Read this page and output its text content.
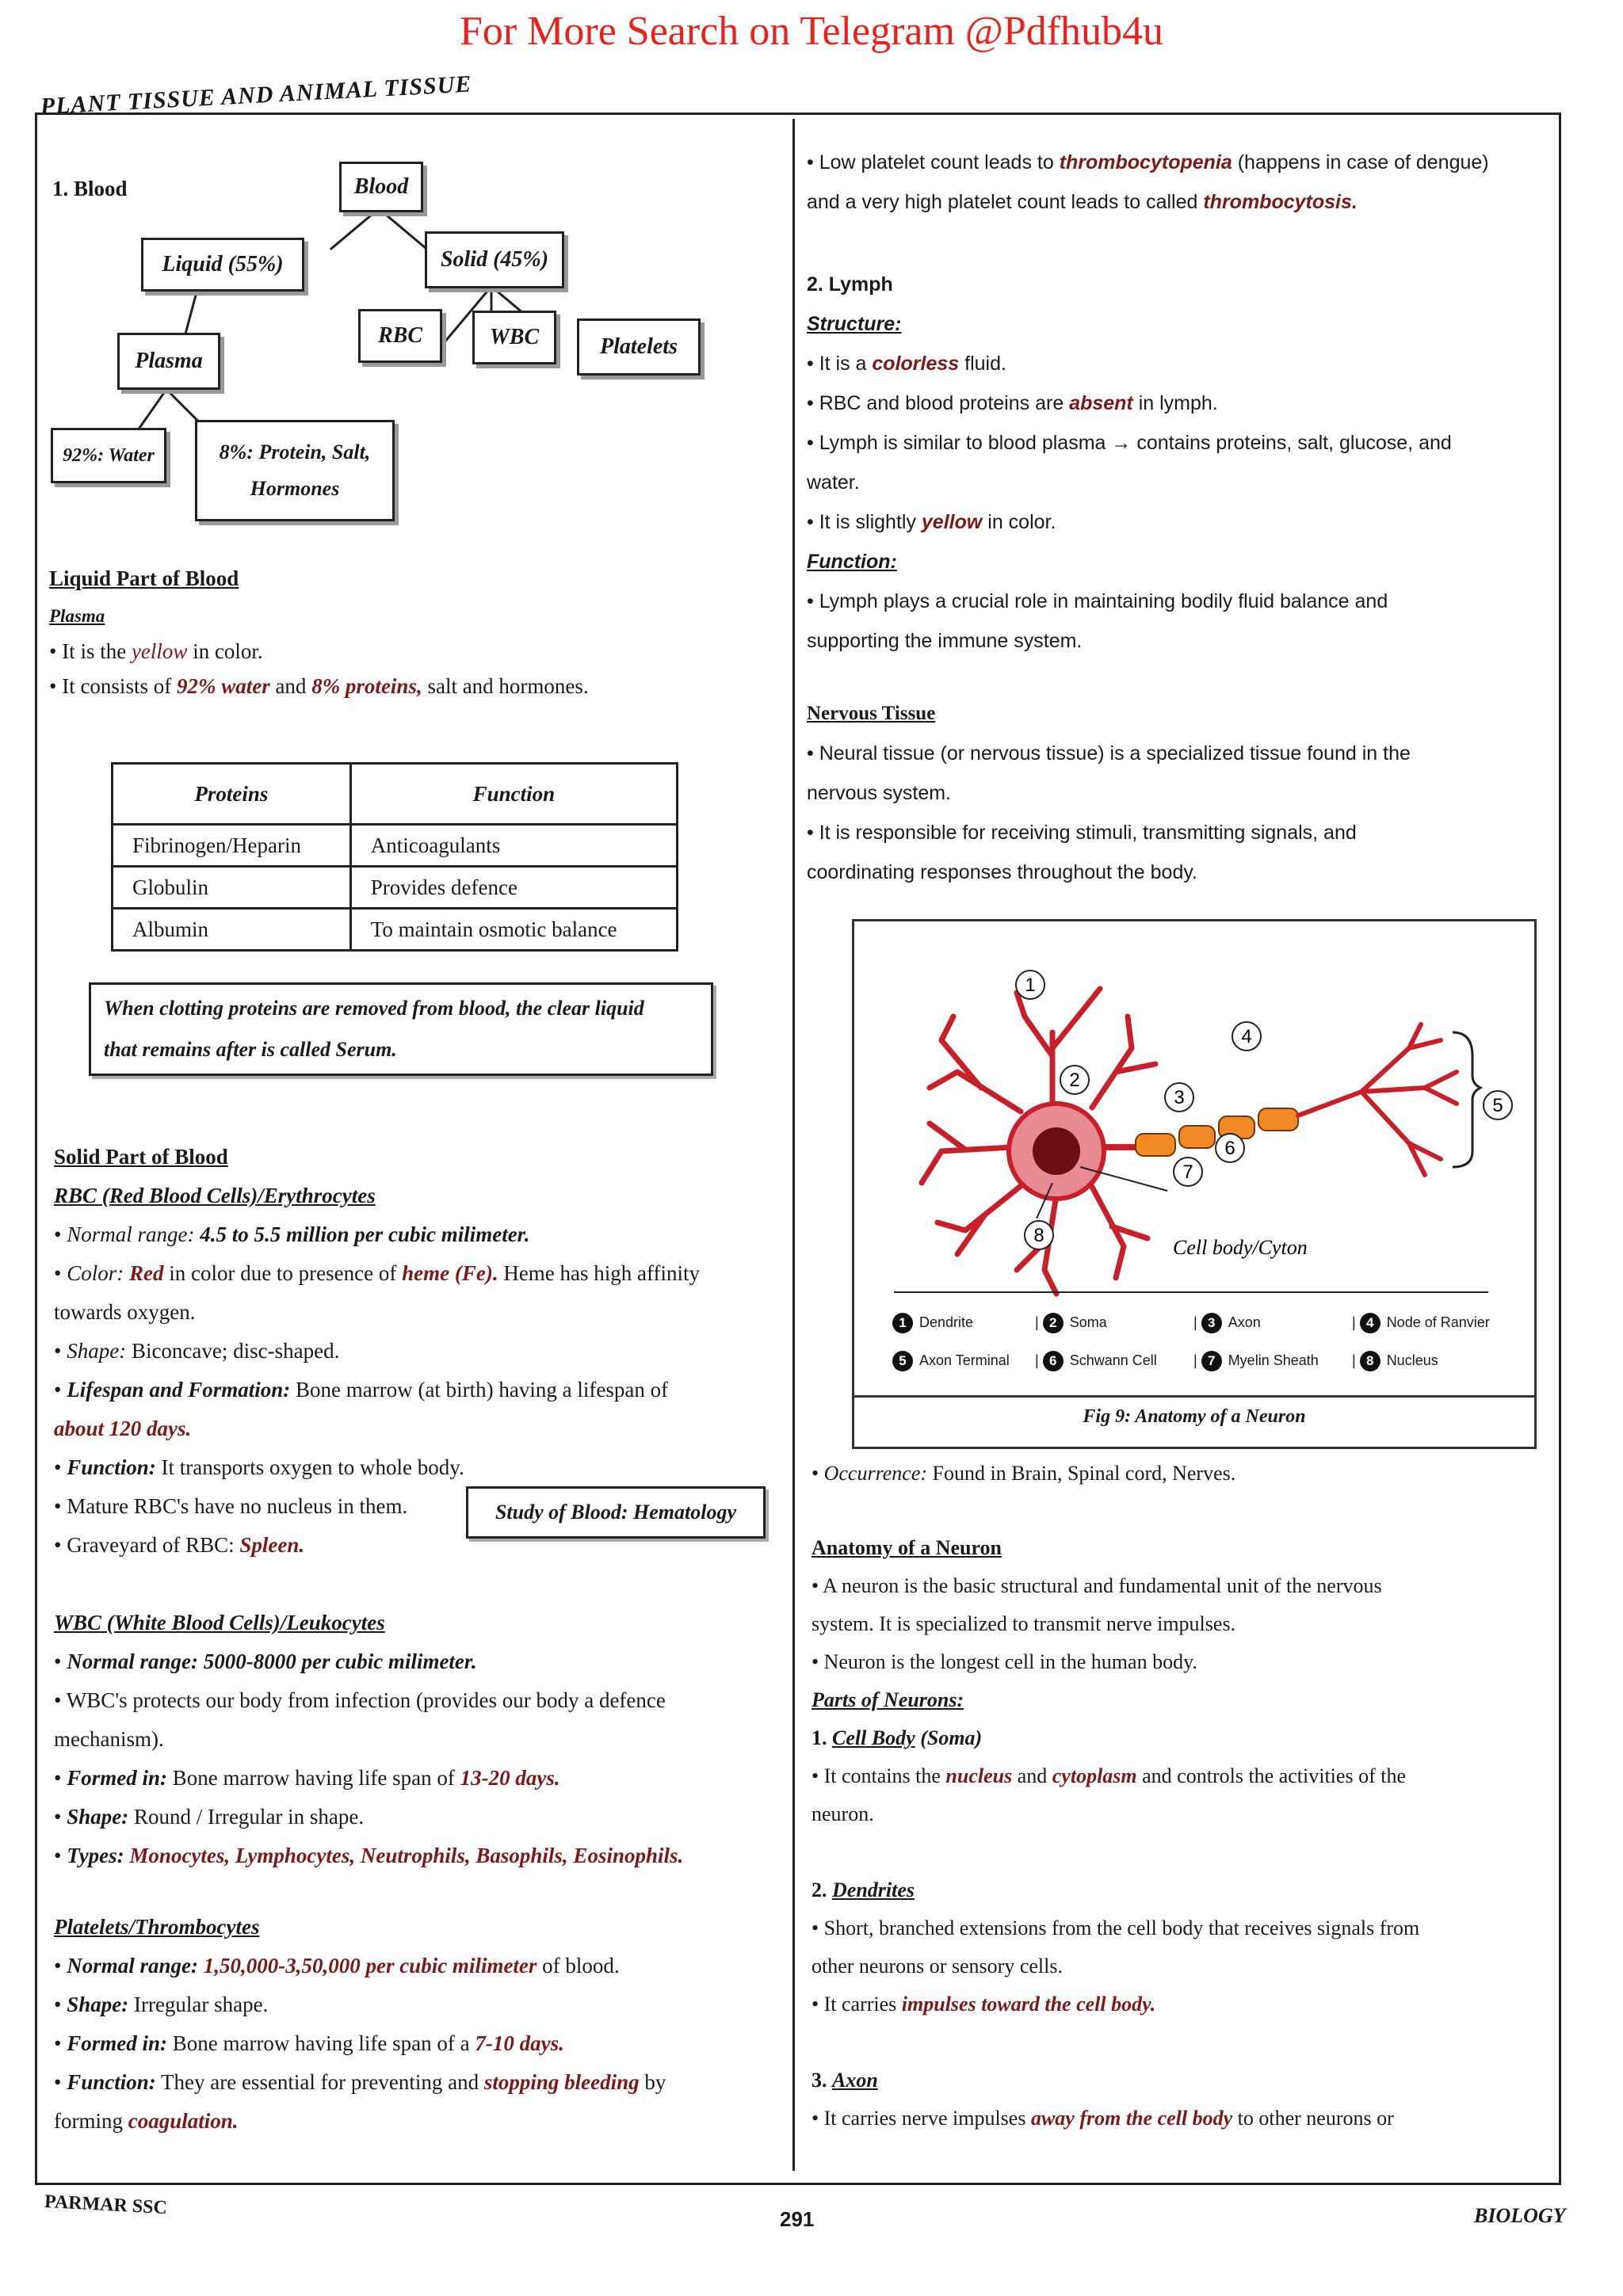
For More Search on Telegram @Pdfhub4u
PLANT TISSUE AND ANIMAL TISSUE
1. Blood	Blood
Liquid (55%)	Solid (45%)
Plasma
RBC	WBC	Platelets
92%: Water	8%: Protein, Salt,
Hormones
Liquid Part of Blood
Plasma
• It is the yellow in color.
• It consists of 92% water and 8% proteins, salt and hormones.
Proteins	Function
Fibrinogen/Heparin	Anticoagulants
Globulin	Provides defence
Albumin	To maintain osmotic balance
When clotting proteins are removed from blood, the clear liquid
that remains after is called Serum.
Solid Part of Blood
RBC (Red Blood Cells)/Erythrocytes
• Normal range: 4.5 to 5.5 million per cubic milimeter.
• Color: Red in color due to presence of heme (Fe). Heme has high affinity
towards oxygen.
• Shape: Biconcave; disc-shaped.
• Lifespan and Formation: Bone marrow (at birth) having a lifespan of
about 120 days.
• Function: It transports oxygen to whole body.
• Mature RBC's have no nucleus in them.
• Graveyard of RBC: Spleen.
Study of Blood: Hematology
WBC (White Blood Cells)/Leukocytes
• Normal range: 5000-8000 per cubic milimeter.
• WBC's protects our body from infection (provides our body a defence
mechanism).
• Formed in: Bone marrow having life span of 13-20 days.
• Shape: Round / Irregular in shape.
• Types: Monocytes, Lymphocytes, Neutrophils, Basophils, Eosinophils.
Platelets/Thrombocytes
• Normal range: 1,50,000-3,50,000 per cubic milimeter of blood.
• Shape: Irregular shape.
• Formed in: Bone marrow having life span of a 7-10 days.
• Function: They are essential for preventing and stopping bleeding by
forming coagulation.
• Low platelet count leads to thrombocytopenia (happens in case of dengue)
and a very high platelet count leads to called thrombocytosis.
2. Lymph
Structure:
• It is a colorless fluid.
• RBC and blood proteins are absent in lymph.
• Lymph is similar to blood plasma → contains proteins, salt, glucose, and
water.
• It is slightly yellow in color.
Function:
• Lymph plays a crucial role in maintaining bodily fluid balance and
supporting the immune system.
Nervous Tissue
• Neural tissue (or nervous tissue) is a specialized tissue found in the
nervous system.
• It is responsible for receiving stimuli, transmitting signals, and
coordinating responses throughout the body.
1
2
3
4
5
6
7
8
Cell body/Cyton
1 Dendrite	| 2 Soma	| 3 Axon	| 4 Node of Ranvier
5 Axon Terminal	| 6 Schwann Cell	| 7 Myelin Sheath	| 8 Nucleus
Fig 9: Anatomy of a Neuron
• Occurrence: Found in Brain, Spinal cord, Nerves.
Anatomy of a Neuron
• A neuron is the basic structural and fundamental unit of the nervous
system. It is specialized to transmit nerve impulses.
• Neuron is the longest cell in the human body.
Parts of Neurons:
1. Cell Body (Soma)
• It contains the nucleus and cytoplasm and controls the activities of the
neuron.
2. Dendrites
• Short, branched extensions from the cell body that receives signals from
other neurons or sensory cells.
• It carries impulses toward the cell body.
3. Axon
• It carries nerve impulses away from the cell body to other neurons or
PARMAR SSC
291	BIOLOGY
